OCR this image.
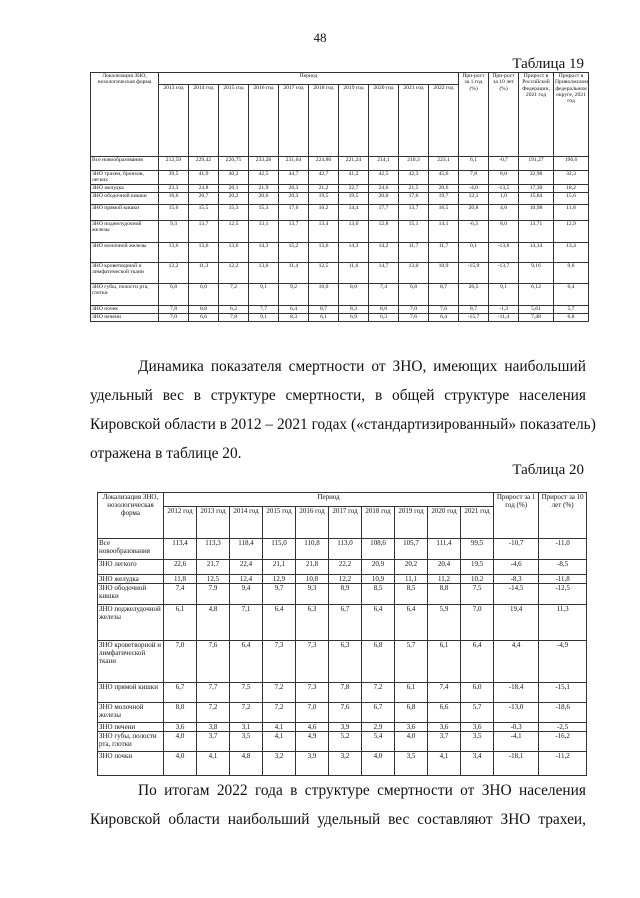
48
Таблица 19
Локализация ЗНО, нозологическая форма	Период										При-рост за 1 год (%)	При-рост за 10 лет (%)	Прирост в Российской Федерации, 2021 год	Прирост в Приволжском федеральном округе, 2021 год
	2013 год	2014 год	2015 год	2016 год	2017 год	2018 год	2019 год	2020 год	2021 год	2022 год				
Все новообразования	212,59	229,42	220,75	233,28	231,64	224,86	221,24	214,1	210,3	223,1	6,1	-0,7	191,27	196,6
ЗНО трахеи, бронхов, легких	39,5	41,9	40,2	42,5	44,7	42,7	41,2	42,5	42,3	45,6	7,8	8,0	32,98	32,3
ЗНО желудка	23,3	24,8	26,1	21,9	26,3	21,2	22,7	24,6	21,5	20,6	-4,0	-13,5	17,30	18,2
ЗНО ободочной кишки	16,6	20,7	20,2	20,6	20,3	19,5	19,5	20,0	17,6	19,7	12,1	1,0	15,84	15,6
ЗНО прямой кишки	15,6	15,5	15,3	15,3	17,6	16,2	14,4	17,7	13,7	16,5	20,8	4,6	10,98	11,8
ЗНО поджелудочной железы	9,3	13,7	12,5	13,1	13,7	13,4	13,0	12,8	15,1	14,1	-6,3	8,0	13,71	12,9
ЗНО молочной железы	13,6	13,6	13,6	14,3	15,2	13,6	14,3	14,2	11,7	11,7	0,1	-13,8	14,14	13,4
ЗНО кроветворной и лимфатической ткани	12,2	11,3	12,2	13,6	11,4	12,5	11,6	14,7	13,0	10,9	-15,9	-13,7	9,16	9,6
ЗНО губы, полости рта, глотки	6,8	6,0	7,2	9,1	9,2	10,0	8,0	7,4	6,8	8,7	26,5	9,1	6,12	6,4
ЗНО почек	7,8	8,8	6,2	7,7	6,4	8,7	8,3	8,6	7,0	7,6	8,7	-1,3	5,61	5,7
ЗНО печени	7,0	6,6	7,8	9,1	8,3	6,1	6,9	6,3	7,6	6,4	-15,7	-11,4	7,48	6,8
Динамика показателя смертности от ЗНО, имеющих наибольший
удельный вес в структуре смертности, в общей структуре населения
Кировской области в 2012 – 2021 годах («стандартизированный» показатель)
отражена в таблице 20.
Таблица 20
Локализация ЗНО, нозологическая форма	Период										Прирост за 1 год (%)	Прирост за 10 лет (%)
	2012 год	2013 год	2014 год	2015 год	2016 год	2017 год	2018 год	2019 год	2020 год	2021 год		
Все новообразования	113,4	113,3	118,4	115,0	110,8	113,0	108,6	105,7	111,4	99,5	-10,7	-11,0
ЗНО легкого	22,6	21,7	22,4	21,1	21,8	22,2	20,9	20,2	20,4	19,5	-4,6	-8,5
ЗНО желудка	11,8	12,5	12,4	12,9	10,8	12,2	10,9	11,1	11,2	10,2	-8,3	-11,8
ЗНО ободочной кишки	7,4	7,9	9,4	9,7	9,3	8,9	8,5	8,5	8,8	7,5	-14,5	-12,5
ЗНО поджелудочной железы	6,1	4,8	7,1	6,4	6,3	6,7	6,4	6,4	5,9	7,0	19,4	11,3
ЗНО кроветворной и лимфатической ткани	7,0	7,6	6,4	7,3	7,3	6,3	6,8	5,7	6,1	6,4	4,4	-4,9
ЗНО прямой кишки	6,7	7,7	7,5	7,2	7,3	7,8	7,2	6,1	7,4	6,0	-18,4	-15,1
ЗНО молочной железы	8,0	7,2	7,2	7,2	7,0	7,6	6,7	6,8	6,6	5,7	-13,0	-18,6
ЗНО печени	3,6	3,8	3,1	4,1	4,6	3,9	2,9	3,6	3,6	3,6	-0,3	-2,5
ЗНО губы, полости рта, глотки	4,0	3,7	3,5	4,1	4,9	5,2	5,4	4,0	3,7	3,5	-4,1	-16,2
ЗНО почки	4,0	4,1	4,8	3,2	3,9	3,2	4,0	3,5	4,1	3,4	-18,1	-11,2
По итогам 2022 года в структуре смертности от ЗНО населения
Кировской области наибольший удельный вес составляют ЗНО трахеи,
